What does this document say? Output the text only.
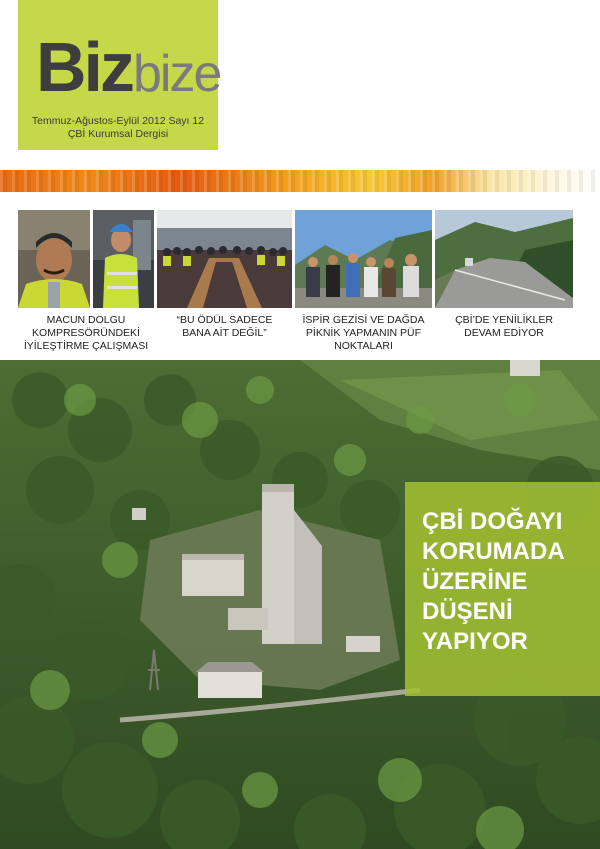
Bizbize
Temmuz-Ağustos-Eylül 2012 Sayı 12
ÇBİ Kurumsal Dergisi
MACUN DOLGU
KOMPRESÖRÜNDEKİ
İYİLEŞTİRME ÇALIŞMASI
“BU ÖDÜL SADECE
BANA AİT DEĞİL”
İSPİR GEZİSİ VE DAĞDA
PİKNİK YAPMANIN PÜF
NOKTALARI
ÇBİ’DE YENİLİKLER
DEVAM EDİYOR
ÇBİ DOĞAYI
KORUMADA
ÜZERİNE
DÜŞENİ
YAPIYOR
